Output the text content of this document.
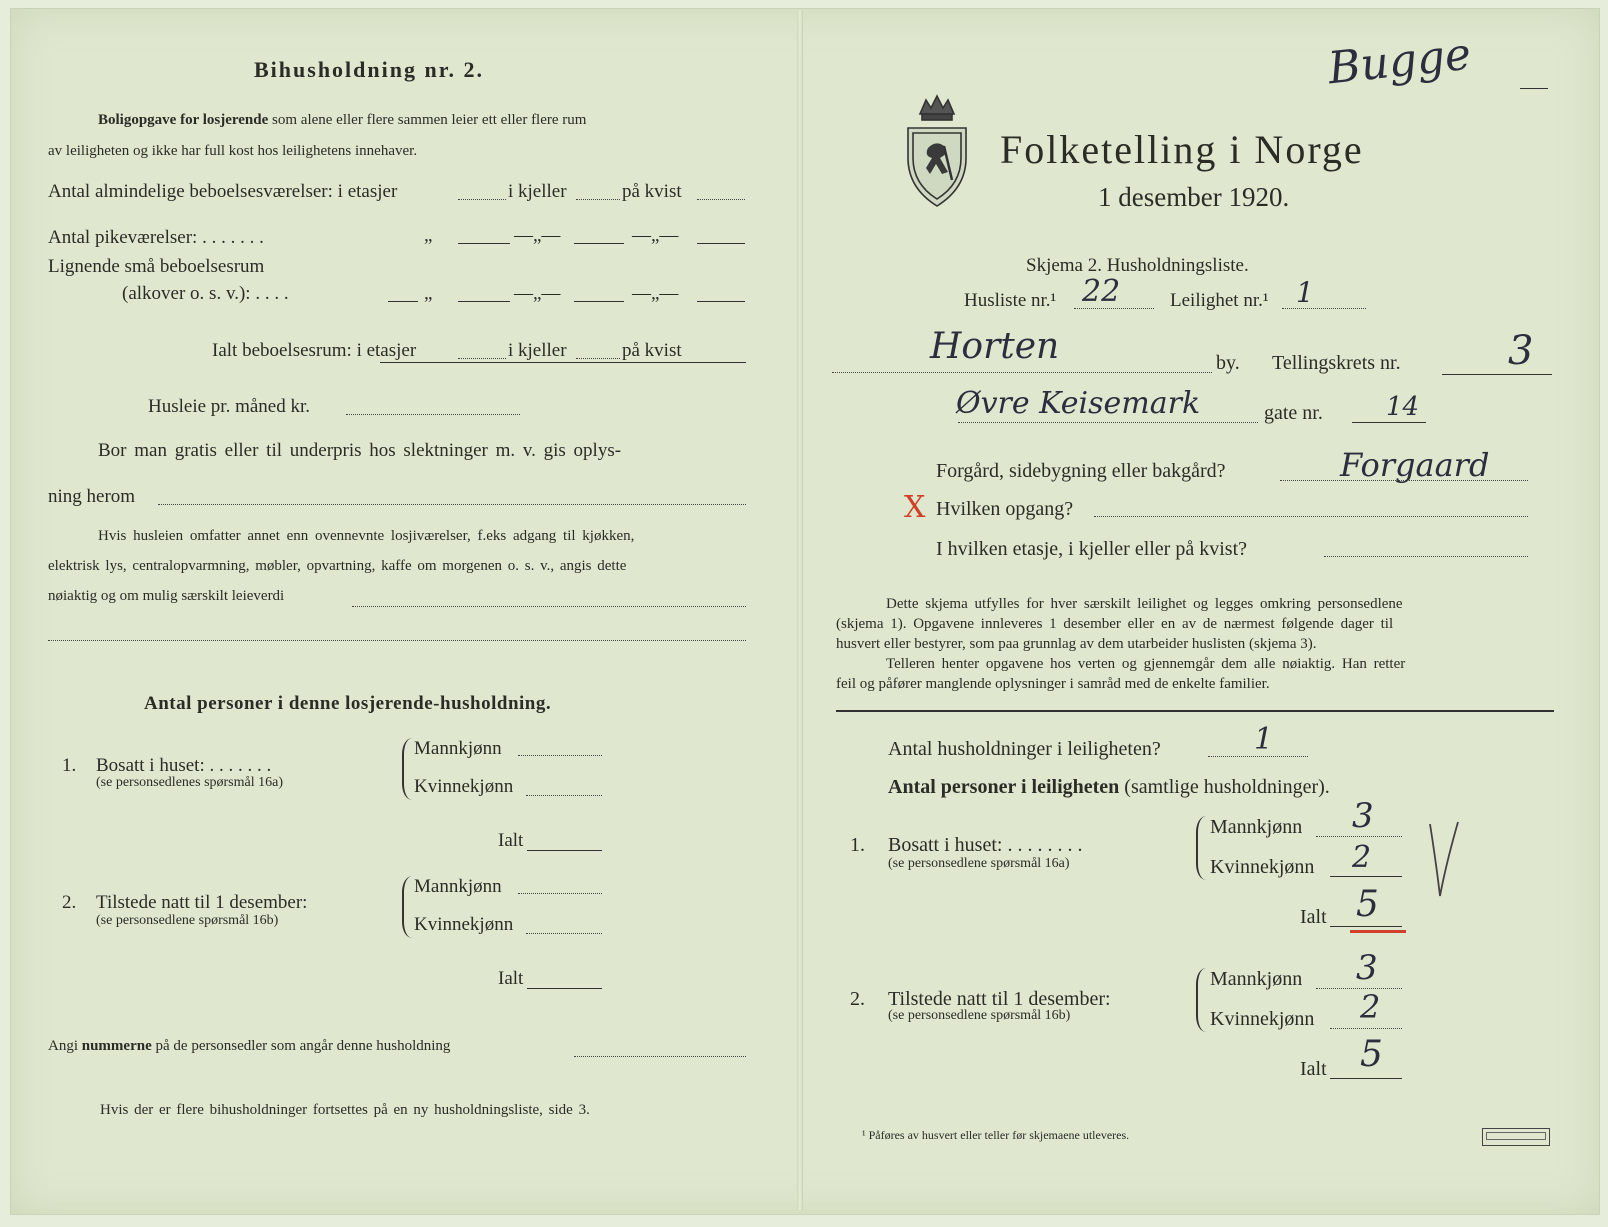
Bihusholdning nr. 2.
Boligopgave for losjerende som alene eller flere sammen leier ett eller flere rum
av leiligheten og ikke har full kost hos leilighetens innehaver.
Antal almindelige beboelsesværelser: i etasjer	i kjeller	på kvist
Antal pikeværelser: . . . . . . .	„	—„—	—„—
Lignende små beboelsesrum
(alkover o. s. v.): . . . .	„	—„—	—„—
Ialt beboelsesrum: i etasjer	i kjeller	på kvist
Husleie pr. måned kr.
Bor man gratis eller til underpris hos slektninger m. v. gis oplys-
ning herom
Hvis husleien omfatter annet enn ovennevnte losjiværelser, f.eks adgang til kjøkken,
elektrisk lys, centralopvarmning, møbler, opvartning, kaffe om morgenen o. s. v., angis dette
nøiaktig og om mulig særskilt leieverdi
Antal personer i denne losjerende-husholdning.
1. Bosatt i huset: . . . . . . .
(se personsedlenes spørsmål 16a)
Mannkjønn
Kvinnekjønn
Ialt
2. Tilstede natt til 1 desember:
(se personsedlene spørsmål 16b)
Mannkjønn
Kvinnekjønn
Ialt
Angi nummerne på de personsedler som angår denne husholdning
Hvis der er flere bihusholdninger fortsettes på en ny husholdningsliste, side 3.
Bugge
Folketelling i Norge
1 desember 1920.
Skjema 2. Husholdningsliste.
Husliste nr.¹ 22	Leilighet nr.¹ 1
Horten	by. Tellingskrets nr.	3
Øvre Keisemark	gate nr. 14
Forgård, sidebygning eller bakgård?	Forgaard
X Hvilken opgang?
I hvilken etasje, i kjeller eller på kvist?
Dette skjema utfylles for hver særskilt leilighet og legges omkring personsedlene
(skjema 1). Opgavene innleveres 1 desember eller en av de nærmest følgende dager til
husvert eller bestyrer, som paa grunnlag av dem utarbeider huslisten (skjema 3).
Telleren henter opgavene hos verten og gjennemgår dem alle nøiaktig. Han retter
feil og påfører manglende oplysninger i samråd med de enkelte familier.
Antal husholdninger i leiligheten?	1
Antal personer i leiligheten (samtlige husholdninger).
1. Bosatt i huset: . . . . . . . .
(se personsedlene spørsmål 16a)
Mannkjønn 3
Kvinnekjønn 2
Ialt 5
2. Tilstede natt til 1 desember:
(se personsedlene spørsmål 16b)
Mannkjønn 3
Kvinnekjønn 2
Ialt 5
¹ Påføres av husvert eller teller før skjemaene utleveres.
